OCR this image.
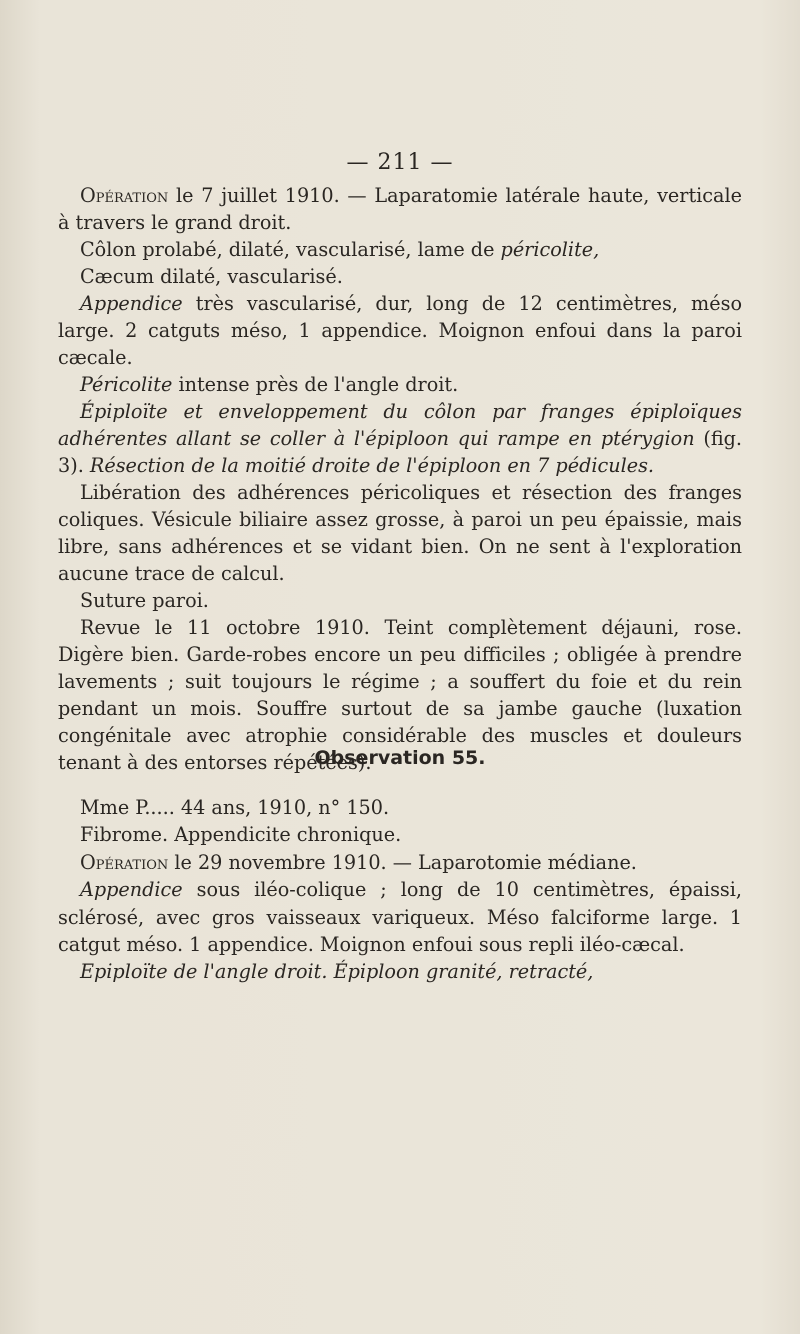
— 211 —

Opération le 7 juillet 1910. — Laparatomie latérale haute, verticale à travers le grand droit.

Côlon prolabé, dilaté, vascularisé, lame de péricolite,

Cæcum dilaté, vascularisé.

Appendice très vascularisé, dur, long de 12 centimètres, méso large. 2 catguts méso, 1 appendice. Moignon enfoui dans la paroi cæcale.

Péricolite intense près de l'angle droit.

Épiploïte et enveloppement du côlon par franges épiploïques adhérentes allant se coller à l'épiploon qui rampe en ptérygion (fig. 3). Résection de la moitié droite de l'épiploon en 7 pédicules.

Libération des adhérences péricoliques et résection des franges coliques. Vésicule biliaire assez grosse, à paroi un peu épaissie, mais libre, sans adhérences et se vidant bien. On ne sent à l'exploration aucune trace de calcul.

Suture paroi.

Revue le 11 octobre 1910. Teint complètement déjauni, rose. Digère bien. Garde-robes encore un peu difficiles ; obligée à prendre lavements ; suit toujours le régime ; a souffert du foie et du rein pendant un mois. Souffre surtout de sa jambe gauche (luxation congénitale avec atrophie considérable des muscles et douleurs tenant à des entorses répétées).

Observation 55.

Mme P..... 44 ans, 1910, n° 150.

Fibrome. Appendicite chronique.

Opération le 29 novembre 1910. — Laparotomie médiane.

Appendice sous iléo-colique ; long de 10 centimètres, épaissi, sclérosé, avec gros vaisseaux variqueux. Méso falciforme large. 1 catgut méso. 1 appendice. Moignon enfoui sous repli iléo-cæcal.

Epiploïte de l'angle droit. Épiploon granité, retracté,
